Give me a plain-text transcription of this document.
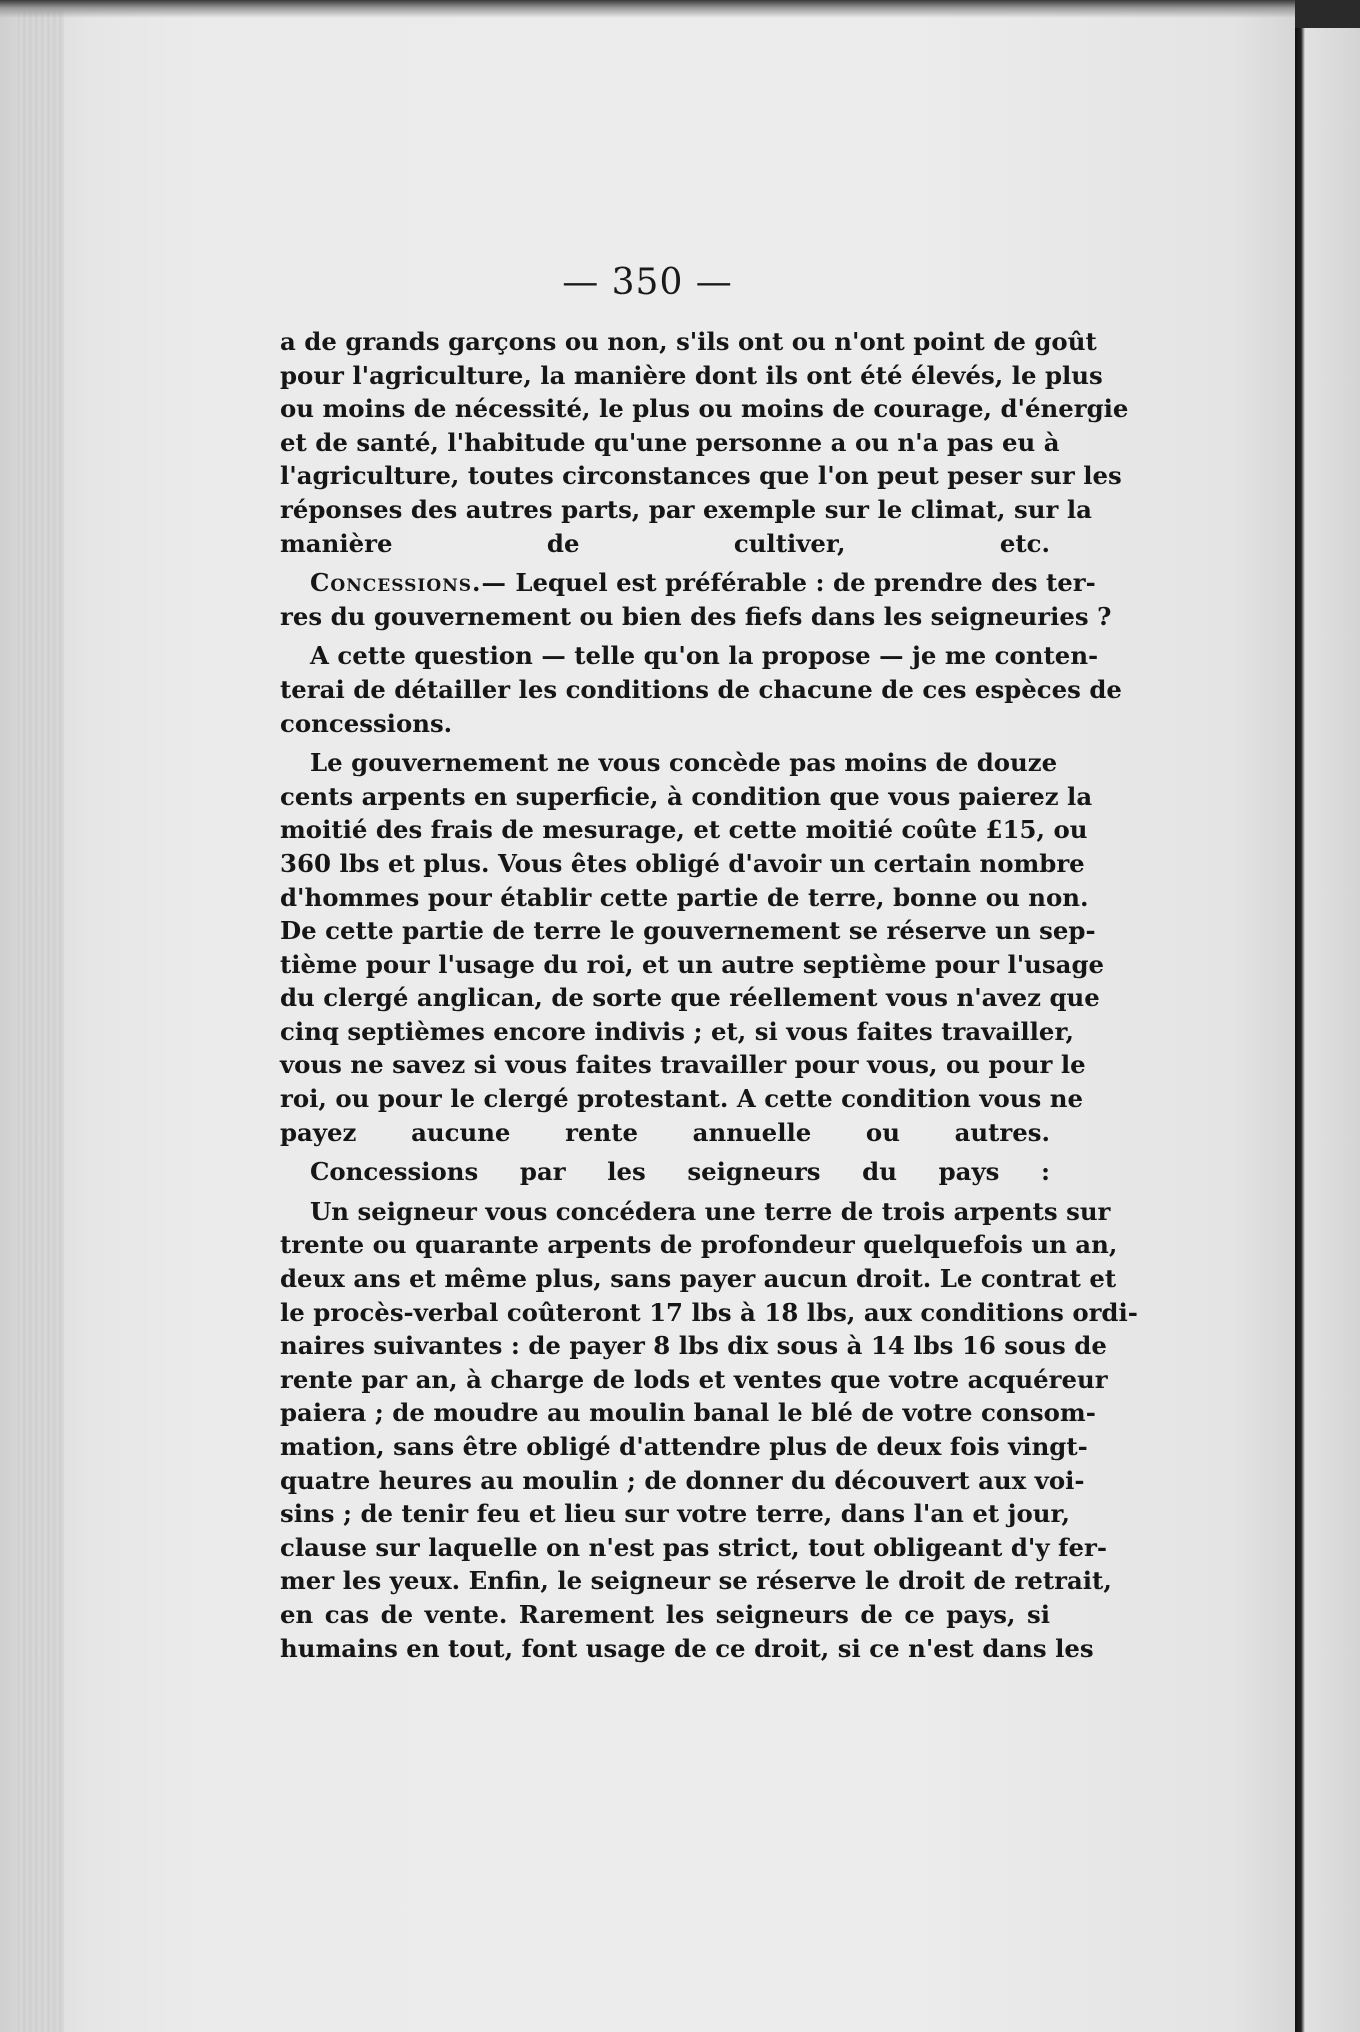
— 350 —
a de grands garçons ou non, s'ils ont ou n'ont point de goût
pour l'agriculture, la manière dont ils ont été élevés, le plus
ou moins de nécessité, le plus ou moins de courage, d'énergie
et de santé, l'habitude qu'une personne a ou n'a pas eu à
l'agriculture, toutes circonstances que l'on peut peser sur les
réponses des autres parts, par exemple sur le climat, sur la
manière de cultiver, etc.
Concessions.— Lequel est préférable : de prendre des ter-
res du gouvernement ou bien des fiefs dans les seigneuries ?
A cette question — telle qu'on la propose — je me conten-
terai de détailler les conditions de chacune de ces espèces de
concessions.
Le gouvernement ne vous concède pas moins de douze
cents arpents en superficie, à condition que vous paierez la
moitié des frais de mesurage, et cette moitié coûte £15, ou
360 lbs et plus. Vous êtes obligé d'avoir un certain nombre
d'hommes pour établir cette partie de terre, bonne ou non.
De cette partie de terre le gouvernement se réserve un sep-
tième pour l'usage du roi, et un autre septième pour l'usage
du clergé anglican, de sorte que réellement vous n'avez que
cinq septièmes encore indivis ; et, si vous faites travailler,
vous ne savez si vous faites travailler pour vous, ou pour le
roi, ou pour le clergé protestant. A cette condition vous ne
payez aucune rente annuelle ou autres.
Concessions par les seigneurs du pays :
Un seigneur vous concédera une terre de trois arpents sur
trente ou quarante arpents de profondeur quelquefois un an,
deux ans et même plus, sans payer aucun droit. Le contrat et
le procès-verbal coûteront 17 lbs à 18 lbs, aux conditions ordi-
naires suivantes : de payer 8 lbs dix sous à 14 lbs 16 sous de
rente par an, à charge de lods et ventes que votre acquéreur
paiera ; de moudre au moulin banal le blé de votre consom-
mation, sans être obligé d'attendre plus de deux fois vingt-
quatre heures au moulin ; de donner du découvert aux voi-
sins ; de tenir feu et lieu sur votre terre, dans l'an et jour,
clause sur laquelle on n'est pas strict, tout obligeant d'y fer-
mer les yeux. Enfin, le seigneur se réserve le droit de retrait,
en cas de vente. Rarement les seigneurs de ce pays, si
humains en tout, font usage de ce droit, si ce n'est dans les
